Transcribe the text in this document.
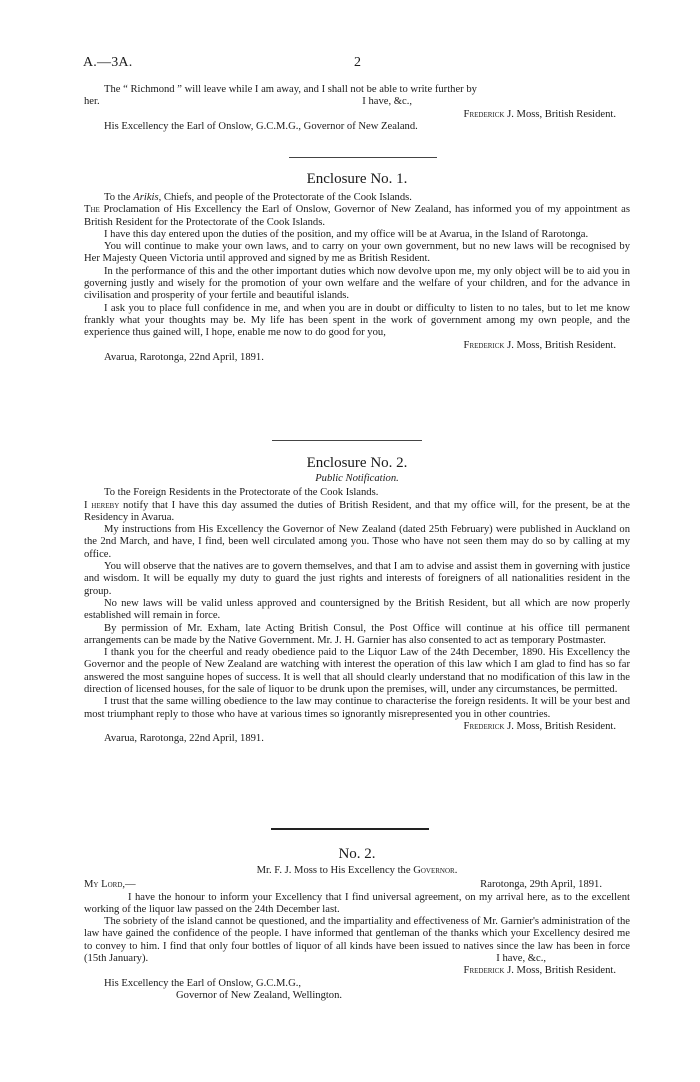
A.—3A.	2

The “ Richmond ” will leave while I am away, and I shall not be able to write further by

her.	I have, &c.,

Frederick J. Moss, British Resident.

His Excellency the Earl of Onslow, G.C.M.G., Governor of New Zealand.

Enclosure No. 1.

To the Arikis, Chiefs, and people of the Protectorate of the Cook Islands.

The Proclamation of His Excellency the Earl of Onslow, Governor of New Zealand, has informed you of my appointment as British Resident for the Protectorate of the Cook Islands.

I have this day entered upon the duties of the position, and my office will be at Avarua, in the Island of Rarotonga.

You will continue to make your own laws, and to carry on your own government, but no new laws will be recognised by Her Majesty Queen Victoria until approved and signed by me as British Resident.

In the performance of this and the other important duties which now devolve upon me, my only object will be to aid you in governing justly and wisely for the promotion of your own welfare and the welfare of your children, and for the advance in civilisation and prosperity of your fertile and beautiful islands.

I ask you to place full confidence in me, and when you are in doubt or difficulty to listen to no tales, but to let me know frankly what your thoughts may be. My life has been spent in the work of government among my own people, and the experience thus gained will, I hope, enable me now to do good for you,

Frederick J. Moss, British Resident.

Avarua, Rarotonga, 22nd April, 1891.

Enclosure No. 2.

Public Notification.

To the Foreign Residents in the Protectorate of the Cook Islands.

I hereby notify that I have this day assumed the duties of British Resident, and that my office will, for the present, be at the Residency in Avarua.

My instructions from His Excellency the Governor of New Zealand (dated 25th February) were published in Auckland on the 2nd March, and have, I find, been well circulated among you. Those who have not seen them may do so by calling at my office.

You will observe that the natives are to govern themselves, and that I am to advise and assist them in governing with justice and wisdom. It will be equally my duty to guard the just rights and interests of foreigners of all nationalities resident in the group.

No new laws will be valid unless approved and countersigned by the British Resident, but all which are now properly established will remain in force.

By permission of Mr. Exham, late Acting British Consul, the Post Office will continue at his office till permanent arrangements can be made by the Native Government. Mr. J. H. Garnier has also consented to act as temporary Postmaster.

I thank you for the cheerful and ready obedience paid to the Liquor Law of the 24th December, 1890. His Excellency the Governor and the people of New Zealand are watching with interest the operation of this law which I am glad to find has so far answered the most sanguine hopes of success. It is well that all should clearly understand that no modification of this law in the direction of licensed houses, for the sale of liquor to be drunk upon the premises, will, under any circumstances, be permitted.

I trust that the same willing obedience to the law may continue to characterise the foreign residents. It will be your best and most triumphant reply to those who have at various times so ignorantly misrepresented you in other countries.

Frederick J. Moss, British Resident.

Avarua, Rarotonga, 22nd April, 1891.

No. 2.

Mr. F. J. Moss to His Excellency the Governor.

My Lord,—	Rarotonga, 29th April, 1891.

I have the honour to inform your Excellency that I find universal agreement, on my arrival here, as to the excellent working of the liquor law passed on the 24th December last.

The sobriety of the island cannot be questioned, and the impartiality and effectiveness of Mr. Garnier's administration of the law have gained the confidence of the people. I have informed that gentleman of the thanks which your Excellency desired me to convey to him. I find that only four bottles of liquor of all kinds have been issued to natives since the law has been in force (15th January).	I have, &c.,

Frederick J. Moss, British Resident.

His Excellency the Earl of Onslow, G.C.M.G.,

Governor of New Zealand, Wellington.
